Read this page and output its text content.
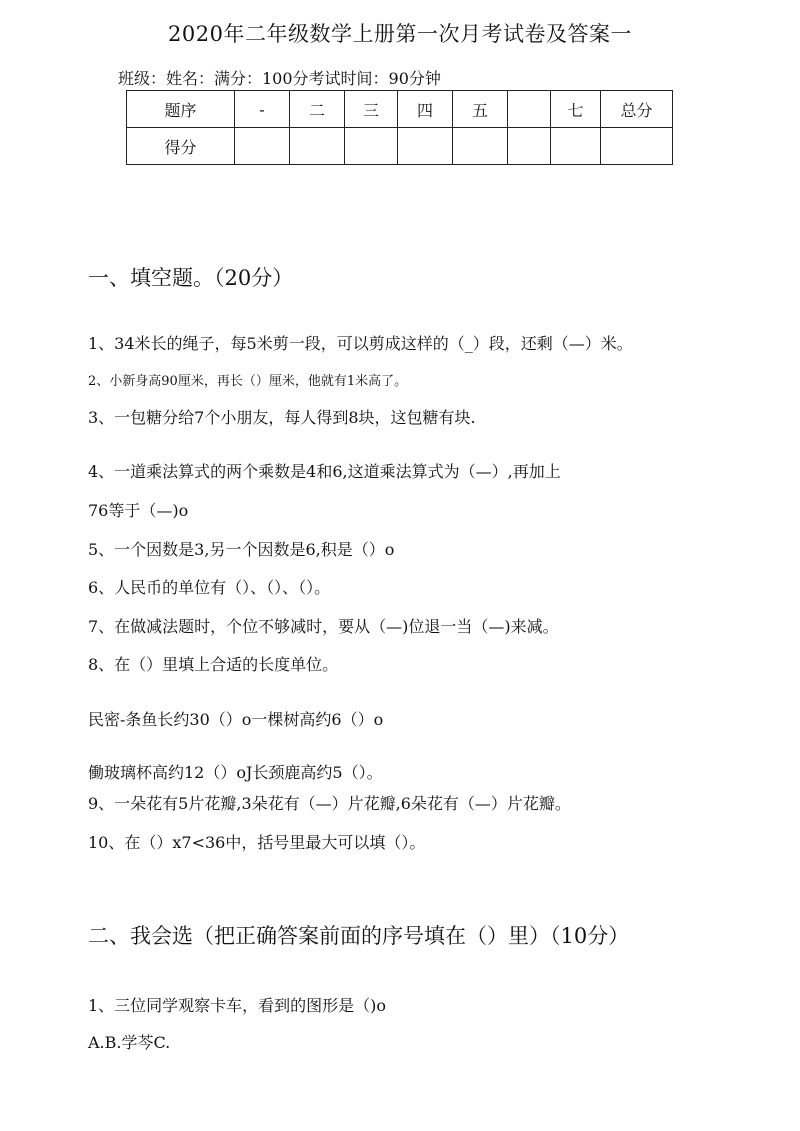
2020年二年级数学上册第一次月考试卷及答案一
班级：姓名：满分：100分考试时间：90分钟
题序	-	二	三	四	五		七	总分
得分								
一、填空题。（20分）
1、34米长的绳子，每5米剪一段，可以剪成这样的（_）段，还剩（—）米。
2、小新身高90厘米，再长（）厘米，他就有1米高了。
3、一包糖分给7个小朋友，每人得到8块，这包糖有块.
4、一道乘法算式的两个乘数是4和6,这道乘法算式为（—）,再加上
76等于（—)o
5、一个因数是3,另一个因数是6,积是（）o
6、人民币的单位有（）、（）、（）。
7、在做减法题时，个位不够减时，要从（—)位退一当（—)来减。
8、在（）里填上合适的长度单位。
民密-条鱼长约30（）o一棵树高约6（）o
働玻璃杯高约12（）oJ长颈鹿高约5（）。
9、一朵花有5片花瓣,3朵花有（—）片花瓣,6朵花有（—）片花瓣。
10、在（）x7<36中，括号里最大可以填（）。
二、我会选（把正确答案前面的序号填在（）里）（10分）
1、三位同学观察卡车，看到的图形是（)o
A.B.学芩C.
